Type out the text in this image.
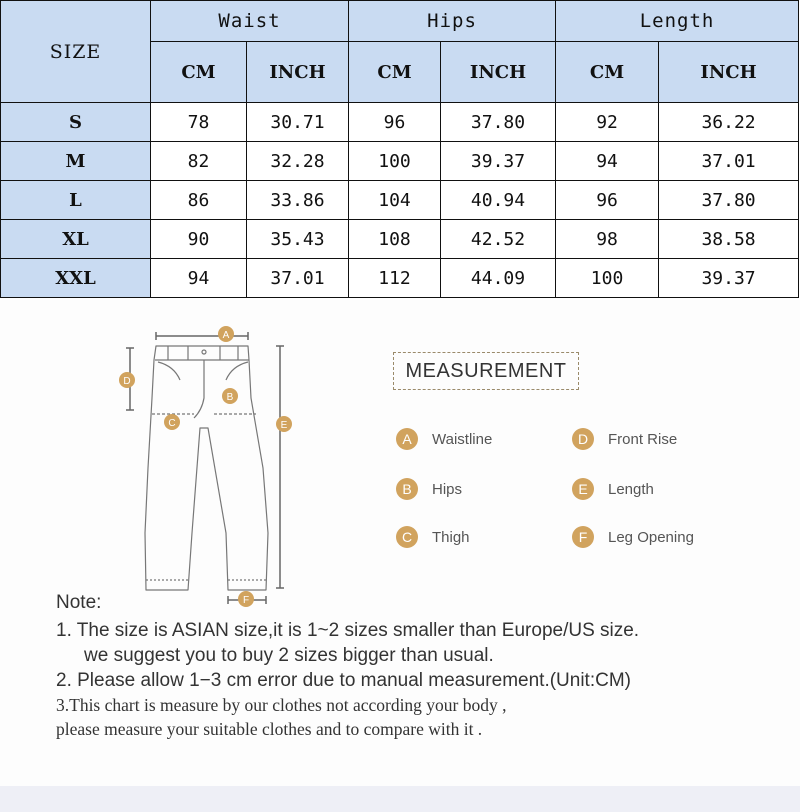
SIZE	Waist		Hips		Length	
	CM	INCH	CM	INCH	CM	INCH
S	78	30.71	96	37.80	92	36.22
M	82	32.28	100	39.37	94	37.01
L	86	33.86	104	40.94	96	37.80
XL	90	35.43	108	42.52	98	38.58
XXL	94	37.01	112	44.09	100	39.37
A
B
C
D
E
F
MEASUREMENT
A	Waistline
B	Hips
C	Thigh
D	Front Rise
E	Length
F	Leg Opening
Note:
1. The size is ASIAN size,it is 1~2 sizes smaller than Europe/US size.
we suggest you to buy 2 sizes bigger than usual.
2. Please allow 1−3 cm error due to manual measurement.(Unit:CM)
3.This chart is measure by our clothes not according your body ,
please measure your suitable clothes and to compare with it .
